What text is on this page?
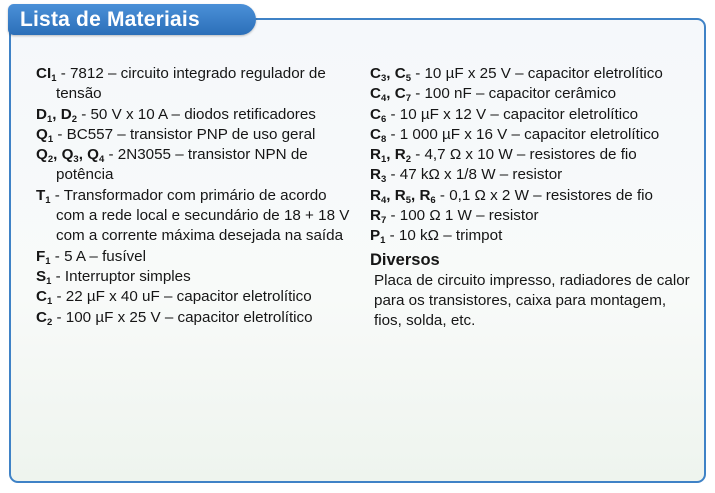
Lista de Materiais
$CI_1 - 7812$ – circuito integrado regulador de tensão
$D_1$, $D_2 - 50$ V x 10 A – diodos retificadores
$Q_1 - BC557$ – transistor PNP de uso geral
$Q_2$, $Q_3$, $Q_4 - 2N3055$ – transistor NPN de potência
$T_1$ - Transformador com primário de acordo com a rede local e secundário de 18 + 18 V com a corrente máxima desejada na saída
$F_1 - 5$ A – fusível
$S_1$ - Interruptor simples
$C_1 - 22$ µF x 40 uF – capacitor eletrolítico
$C_2 - 100$ µF x 25 V – capacitor eletrolítico
$C_3$, $C_5 - 10$ µF x 25 V – capacitor eletrolítico
$C_4$, $C_7 - 100$ nF – capacitor cerâmico
$C_6 - 10$ µF x 12 V – capacitor eletrolítico
$C_8 - 1$ 000 µF x 16 V – capacitor eletrolítico
$R_1$, $R_2 - 4,7$ Ω x 10 W – resistores de fio
$R_3 - 47$ kΩ x 1/8 W – resistor
$R_4$, $R_5$, $R_6 - 0,1$ Ω x 2 W – resistores de fio
$R_7 - 100$ Ω 1 W – resistor
$P_1 - 10$ kΩ – trimpot
Diversos
Placa de circuito impresso, radiadores de calor para os transistores, caixa para montagem, fios, solda, etc.
